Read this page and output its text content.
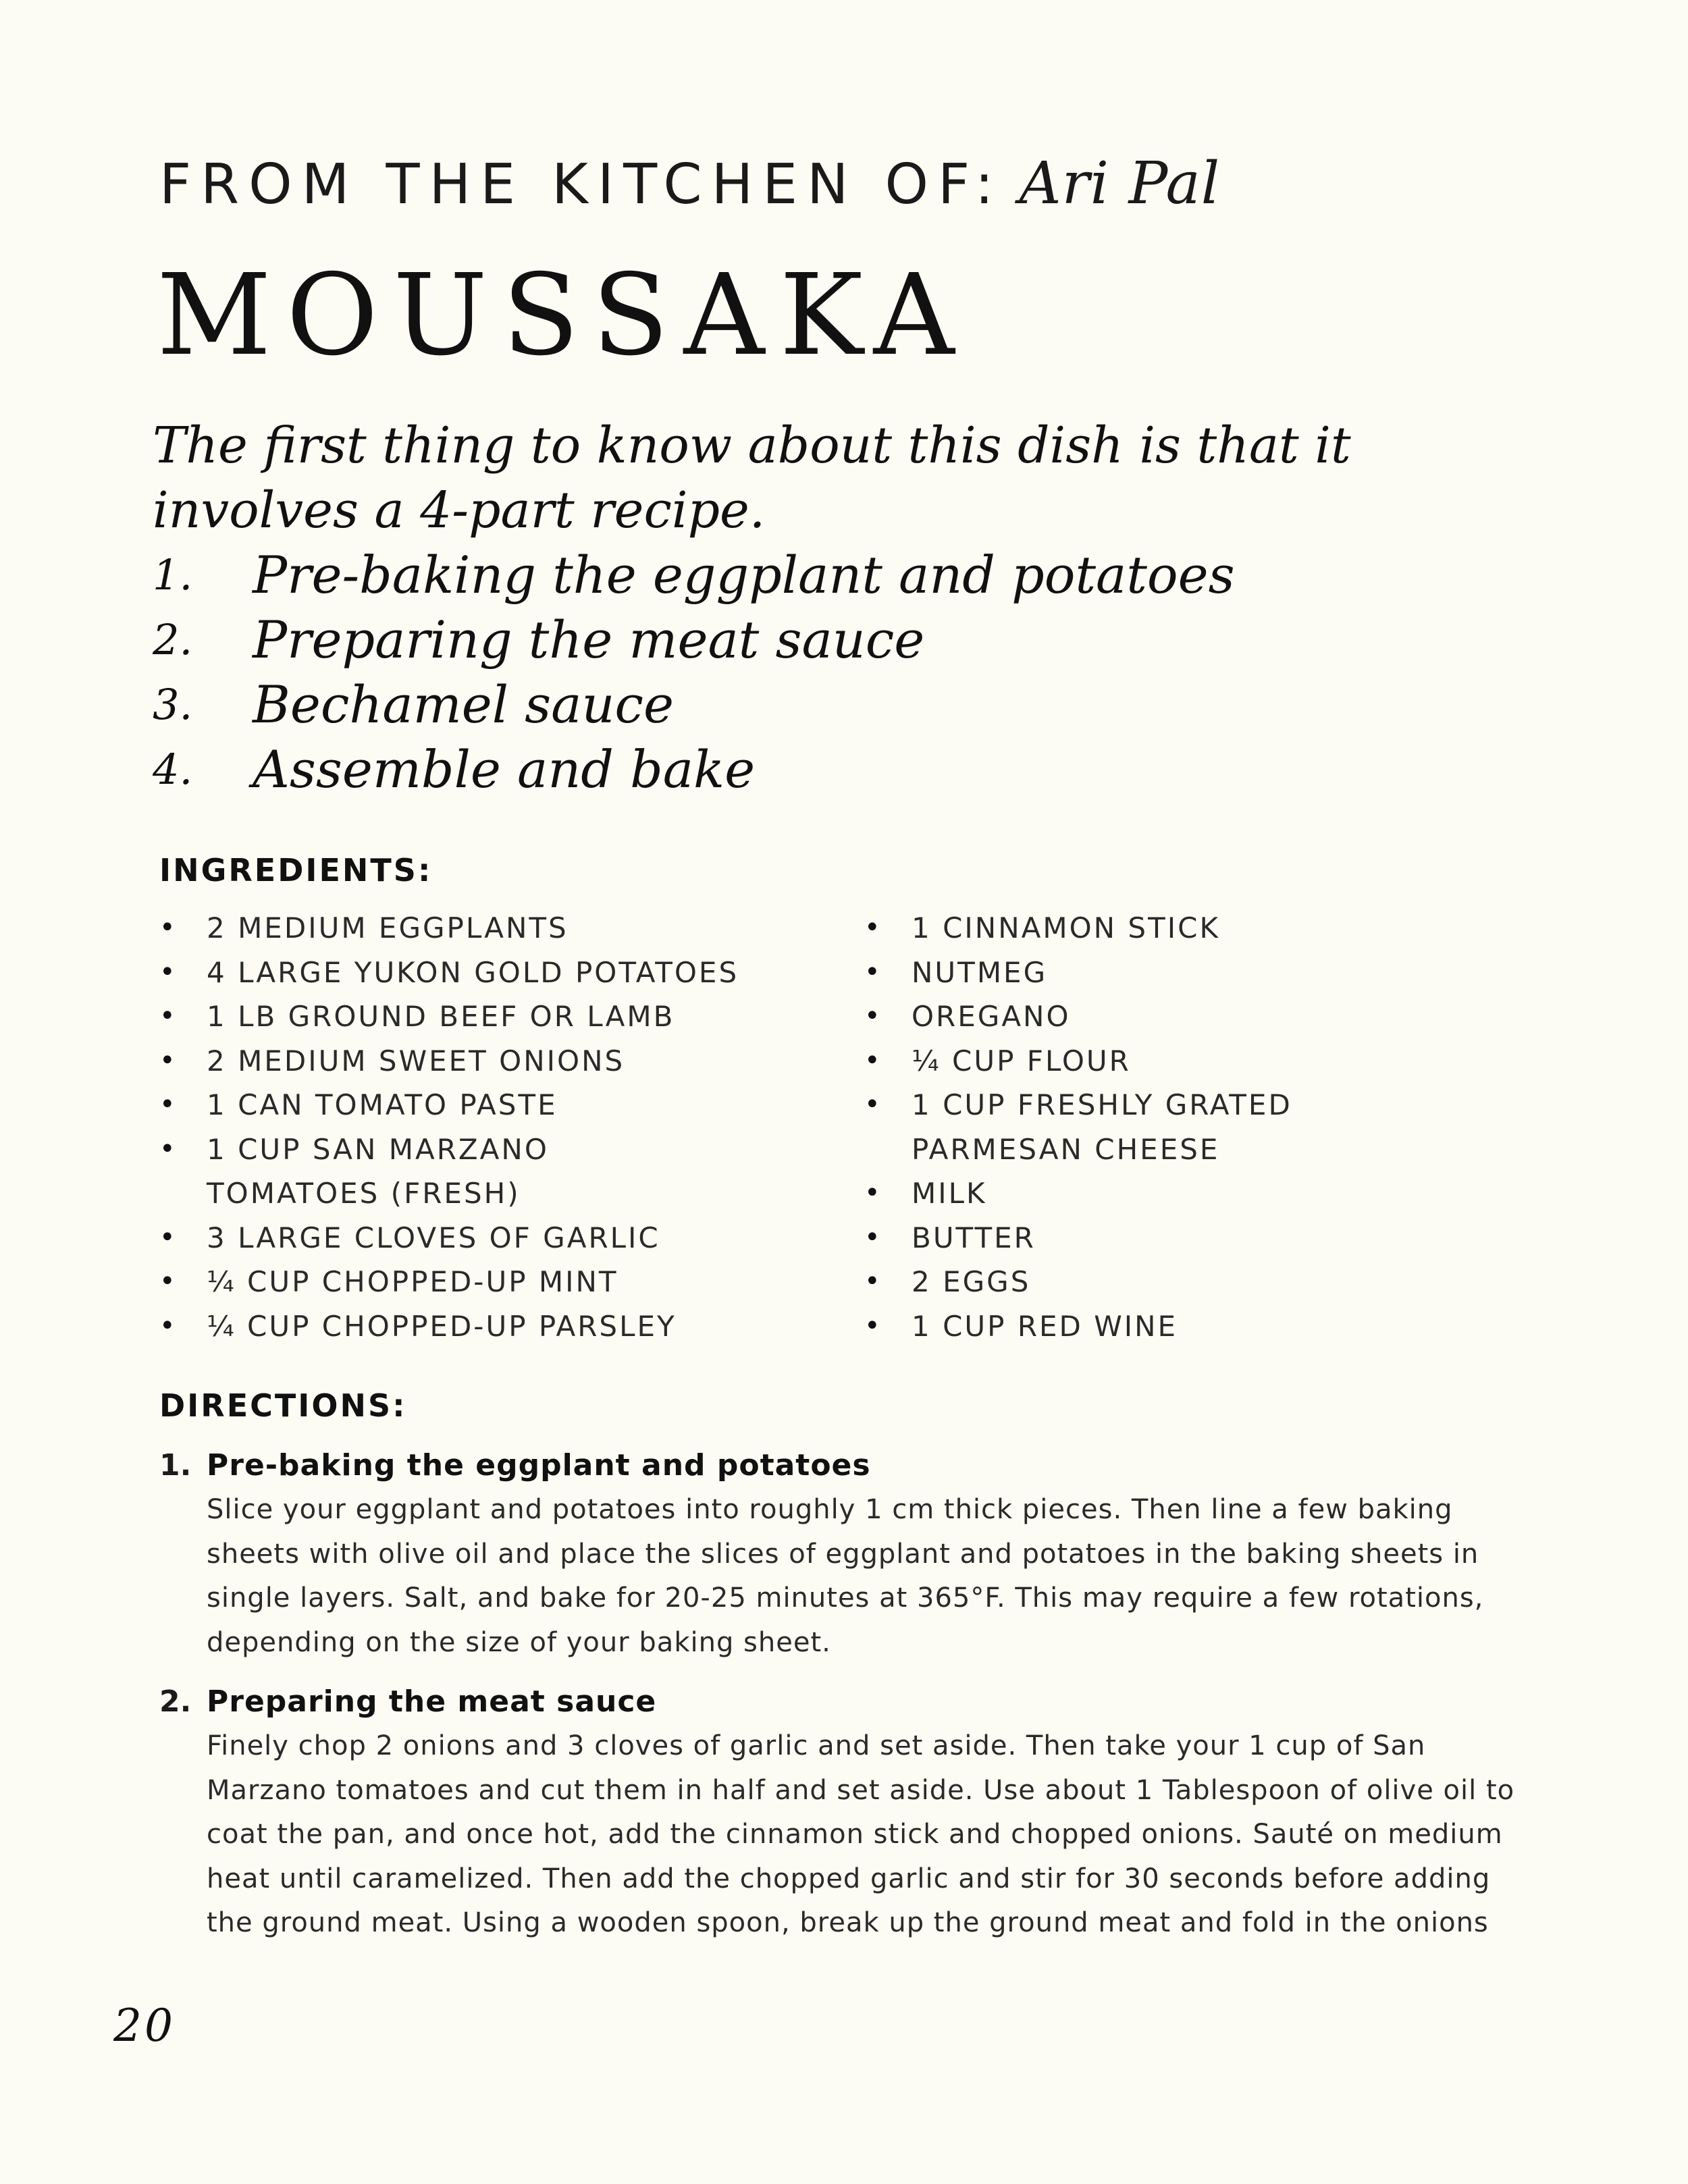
FROM THE KITCHEN OF: Ari Pal
MOUSSAKA

The first thing to know about this dish is that it involves a 4-part recipe.

1.	Pre-baking the eggplant and potatoes
2.	Preparing the meat sauce
3.	Bechamel sauce
4.	Assemble and bake
INGREDIENTS:
•	2 MEDIUM EGGPLANTS
•	4 LARGE YUKON GOLD POTATOES
•	1 LB GROUND BEEF OR LAMB
•	2 MEDIUM SWEET ONIONS
•	1 CAN TOMATO PASTE
•	1 CUP SAN MARZANO TOMATOES (FRESH)
•	3 LARGE CLOVES OF GARLIC
•	¼ CUP CHOPPED-UP MINT
•	¼ CUP CHOPPED-UP PARSLEY
•	1 CINNAMON STICK
•	NUTMEG
•	OREGANO
•	¼ CUP FLOUR
•	1 CUP FRESHLY GRATED PARMESAN CHEESE
•	MILK
•	BUTTER
•	2 EGGS
•	1 CUP RED WINE
DIRECTIONS:
1. Pre-baking the eggplant and potatoes
Slice your eggplant and potatoes into roughly 1 cm thick pieces. Then line a few baking sheets with olive oil and place the slices of eggplant and potatoes in the baking sheets in single layers. Salt, and bake for 20-25 minutes at 365°F. This may require a few rotations, depending on the size of your baking sheet.
2. Preparing the meat sauce
Finely chop 2 onions and 3 cloves of garlic and set aside. Then take your 1 cup of San Marzano tomatoes and cut them in half and set aside. Use about 1 Tablespoon of olive oil to coat the pan, and once hot, add the cinnamon stick and chopped onions. Sauté on medium heat until caramelized. Then add the chopped garlic and stir for 30 seconds before adding the ground meat. Using a wooden spoon, break up the ground meat and fold in the onions
20
